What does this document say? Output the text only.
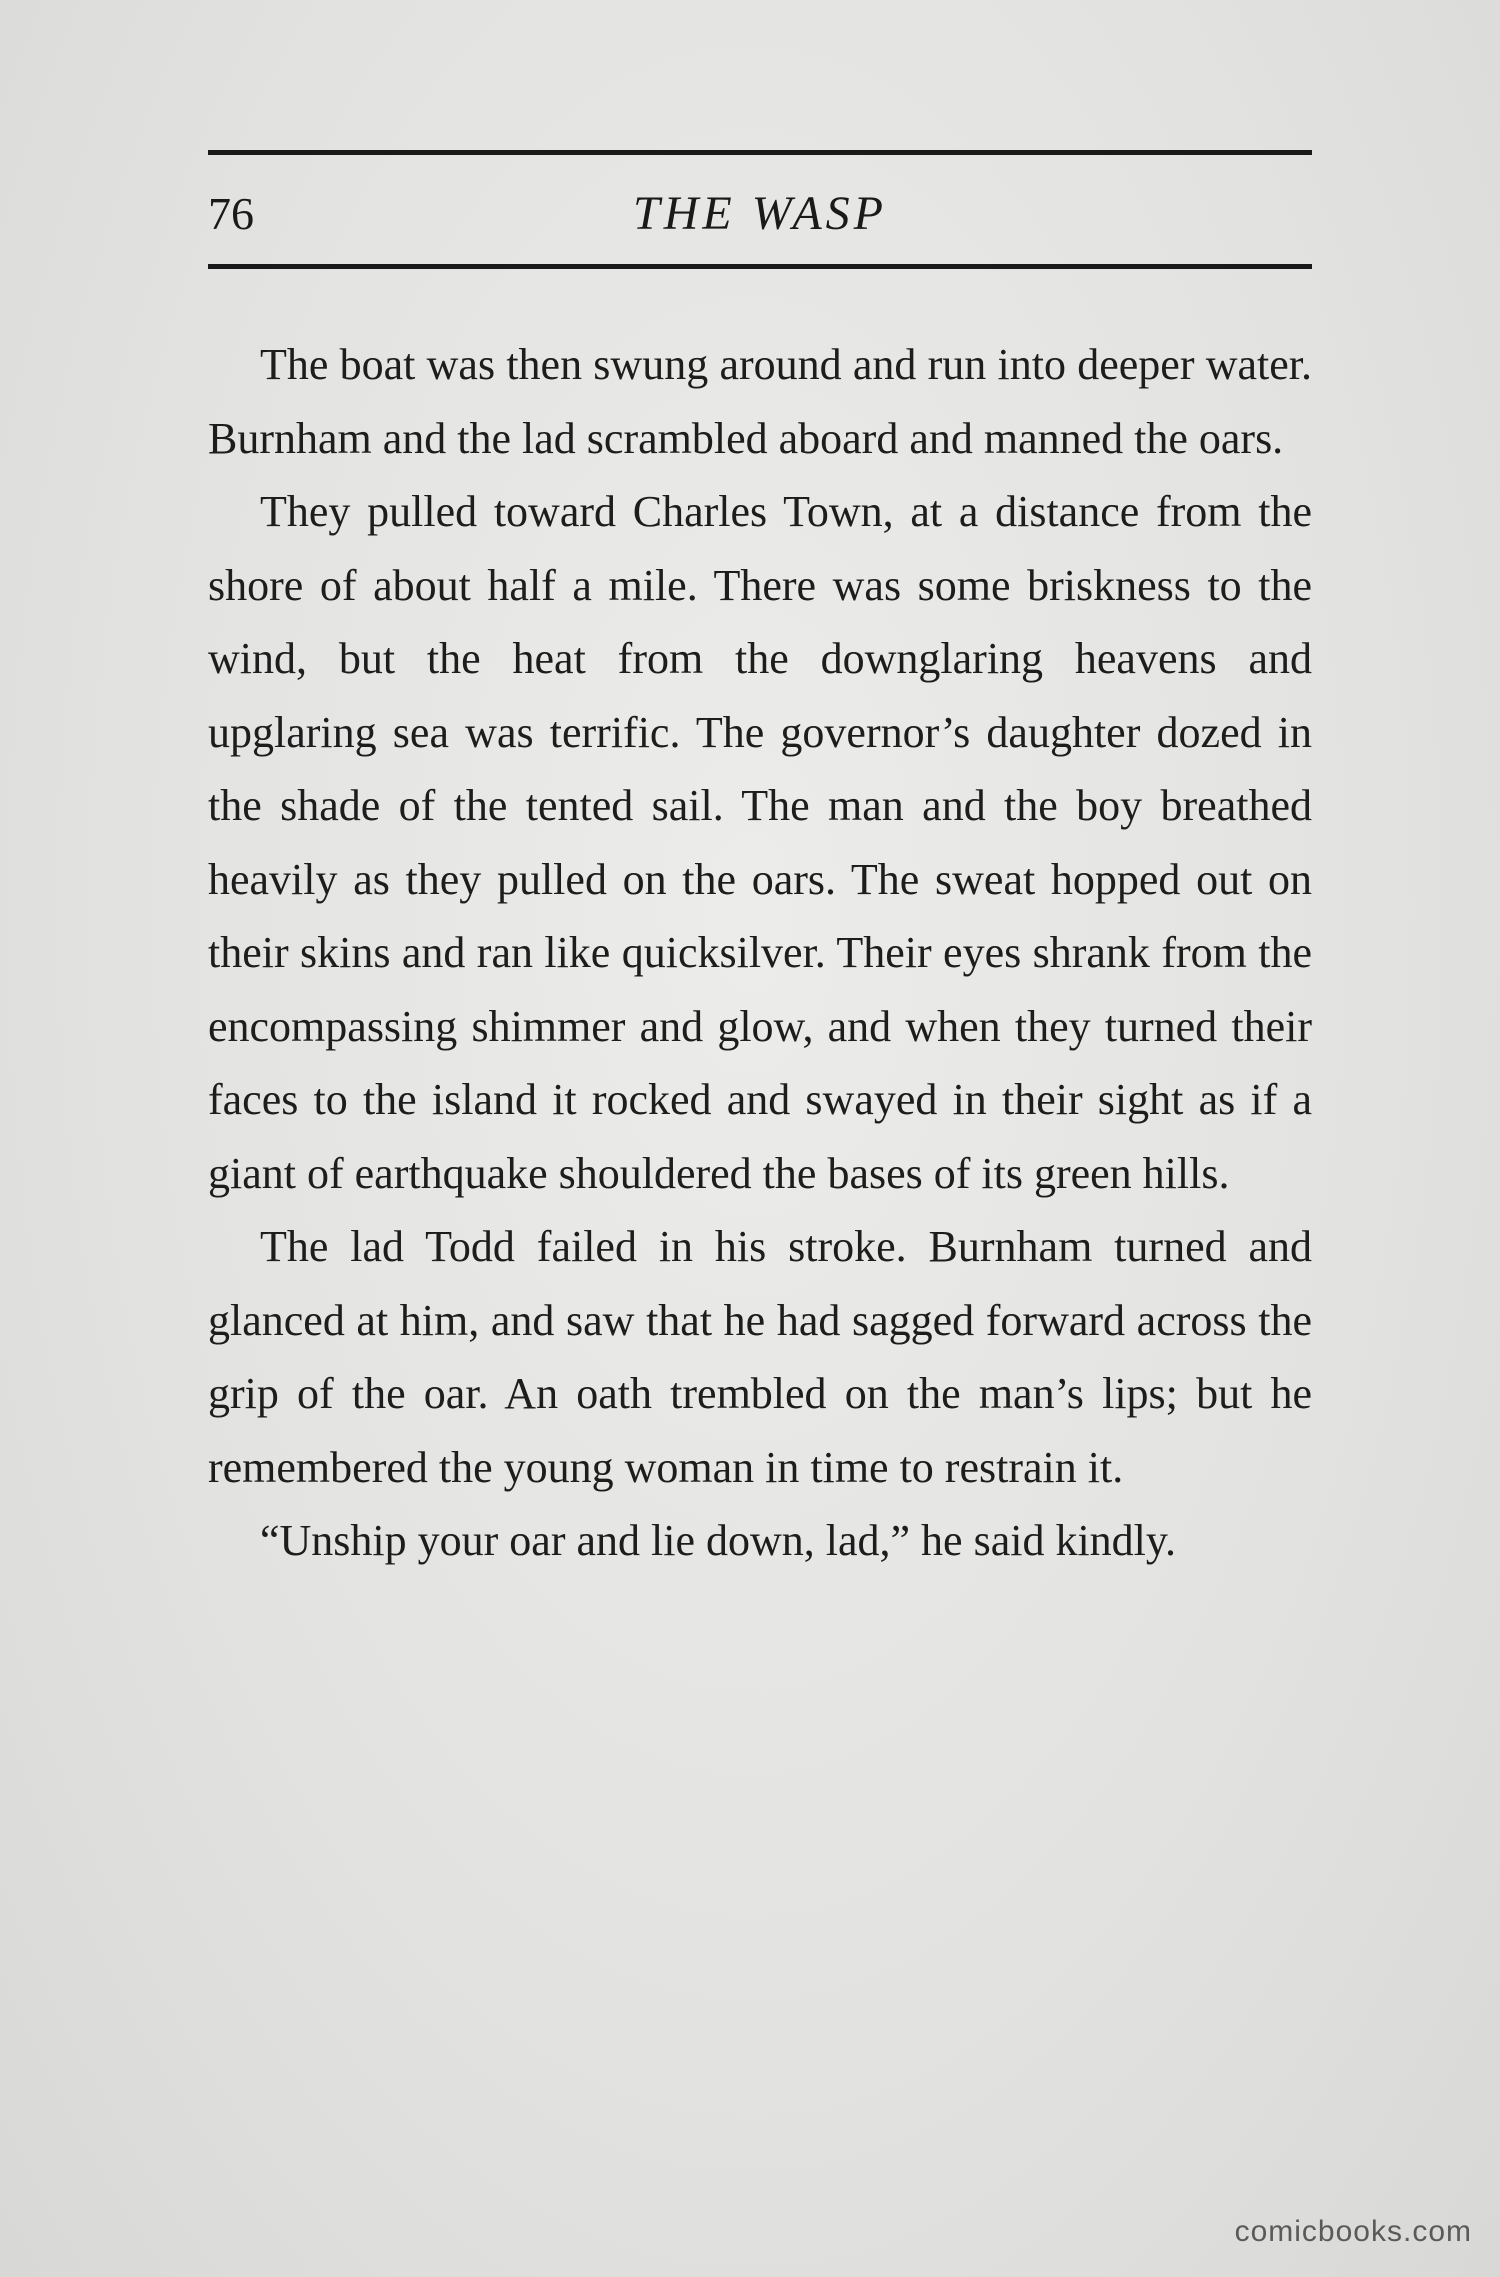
76	THE WASP

The boat was then swung around and run into deeper water. Burnham and the lad scrambled aboard and manned the oars.

They pulled toward Charles Town, at a distance from the shore of about half a mile. There was some briskness to the wind, but the heat from the downglaring heavens and upglaring sea was terrific. The governor’s daughter dozed in the shade of the tented sail. The man and the boy breathed heavily as they pulled on the oars. The sweat hopped out on their skins and ran like quicksilver. Their eyes shrank from the encompassing shimmer and glow, and when they turned their faces to the island it rocked and swayed in their sight as if a giant of earthquake shouldered the bases of its green hills.

The lad Todd failed in his stroke. Burnham turned and glanced at him, and saw that he had sagged forward across the grip of the oar. An oath trembled on the man’s lips; but he remembered the young woman in time to restrain it.

“Unship your oar and lie down, lad,” he said kindly.

comicbooks.com
